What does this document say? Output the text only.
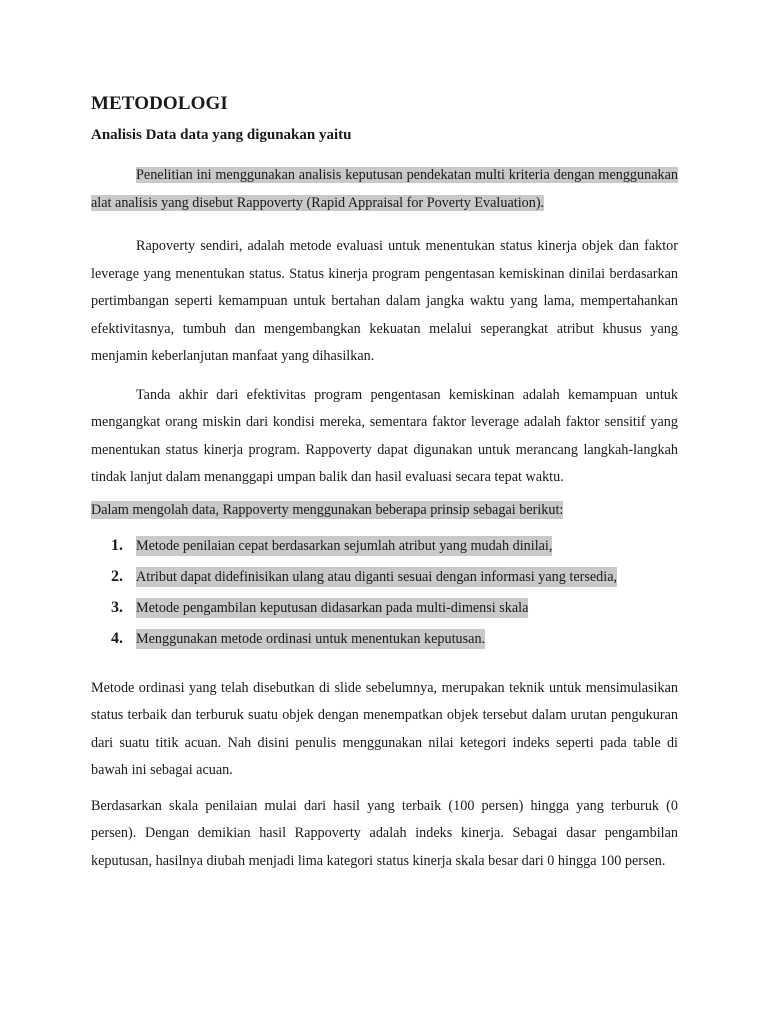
METODOLOGI
Analisis Data data yang digunakan yaitu

Penelitian ini menggunakan analisis keputusan pendekatan multi kriteria dengan menggunakan alat analisis yang disebut Rappoverty (Rapid Appraisal for Poverty Evaluation).

Rapoverty sendiri, adalah metode evaluasi untuk menentukan status kinerja objek dan faktor leverage yang menentukan status. Status kinerja program pengentasan kemiskinan dinilai berdasarkan pertimbangan seperti kemampuan untuk bertahan dalam jangka waktu yang lama, mempertahankan efektivitasnya, tumbuh dan mengembangkan kekuatan melalui seperangkat atribut khusus yang menjamin keberlanjutan manfaat yang dihasilkan.

Tanda akhir dari efektivitas program pengentasan kemiskinan adalah kemampuan untuk mengangkat orang miskin dari kondisi mereka, sementara faktor leverage adalah faktor sensitif yang menentukan status kinerja program. Rappoverty dapat digunakan untuk merancang langkah-langkah tindak lanjut dalam menanggapi umpan balik dan hasil evaluasi secara tepat waktu.

Dalam mengolah data, Rappoverty menggunakan beberapa prinsip sebagai berikut:

1. Metode penilaian cepat berdasarkan sejumlah atribut yang mudah dinilai,
2. Atribut dapat didefinisikan ulang atau diganti sesuai dengan informasi yang tersedia,
3. Metode pengambilan keputusan didasarkan pada multi-dimensi skala
4. Menggunakan metode ordinasi untuk menentukan keputusan.

Metode ordinasi yang telah disebutkan di slide sebelumnya, merupakan teknik untuk mensimulasikan status terbaik dan terburuk suatu objek dengan menempatkan objek tersebut dalam urutan pengukuran dari suatu titik acuan. Nah disini penulis menggunakan nilai ketegori indeks seperti pada table di bawah ini sebagai acuan.

Berdasarkan skala penilaian mulai dari hasil yang terbaik (100 persen) hingga yang terburuk (0 persen). Dengan demikian hasil Rappoverty adalah indeks kinerja. Sebagai dasar pengambilan keputusan, hasilnya diubah menjadi lima kategori status kinerja skala besar dari 0 hingga 100 persen.
